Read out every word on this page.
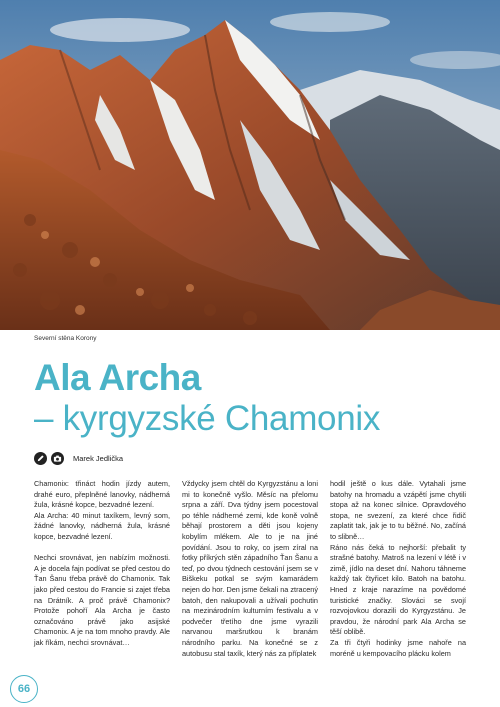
Severní stěna Korony
Ala Archa
– kyrgyzské Chamonix
Marek Jedlička

Chamonix: třináct hodin jízdy autem, drahé euro, přeplněné lanovky, nádherná žula, krásné kopce, bezvadné lezení.

Ala Archa: 40 minut taxíkem, levný som, žádné lanovky, nádherná žula, krásné kopce, bezvadné lezení.

Nechci srovnávat, jen nabízím možnosti. A je docela fajn podívat se před cestou do Ťan Šanu třeba právě do Chamonix. Tak jako před cestou do Francie si zajet třeba na Drátník. A proč právě Chamonix? Protože pohoří Ala Archa je často označováno právě jako asijské Chamonix. A je na tom mnoho pravdy. Ale jak říkám, nechci srovnávat…

Vždycky jsem chtěl do Kyrgyzstánu a loni mi to konečně vyšlo. Měsíc na přelomu srpna a září. Dva týdny jsem pocestoval po téhle nádherné zemi, kde koně volně běhají prostorem a děti jsou kojeny kobylím mlékem. Ale to je na jiné povídání. Jsou to roky, co jsem zíral na fotky příkrých stěn západního Ťan Šanu a teď, po dvou týdnech cestování jsem se v Biškeku potkal se svým kamarádem nejen do hor. Den jsme čekali na ztracený batoh, den nakupovali a užívali pochutin na mezinárodním kulturním festivalu a v podvečer třetího dne jsme vyrazili narvanou maršrutkou k branám národního parku. Na konečné se z autobusu stal taxík, který nás za příplatek

hodil ještě o kus dále. Vytahali jsme batohy na hromadu a vzápětí jsme chytili stopa až na konec silnice. Opravdového stopa, ne svezení, za které chce řidič zaplatit tak, jak je to tu běžné. No, začíná to slibně…

Ráno nás čeká to nejhorší: přebalit ty strašné batohy. Matroš na lezení v létě i v zimě, jídlo na deset dní. Nahoru táhneme každý tak čtyřicet kilo. Batoh na batohu. Hned z kraje narazíme na povědomé turistické značky. Slováci se svojí rozvojovkou dorazili do Kyrgyzstánu. Je pravdou, že národní park Ala Archa se těší oblibě.

Za tři čtyři hodinky jsme nahoře na moréně u kempovacího plácku kolem

66
